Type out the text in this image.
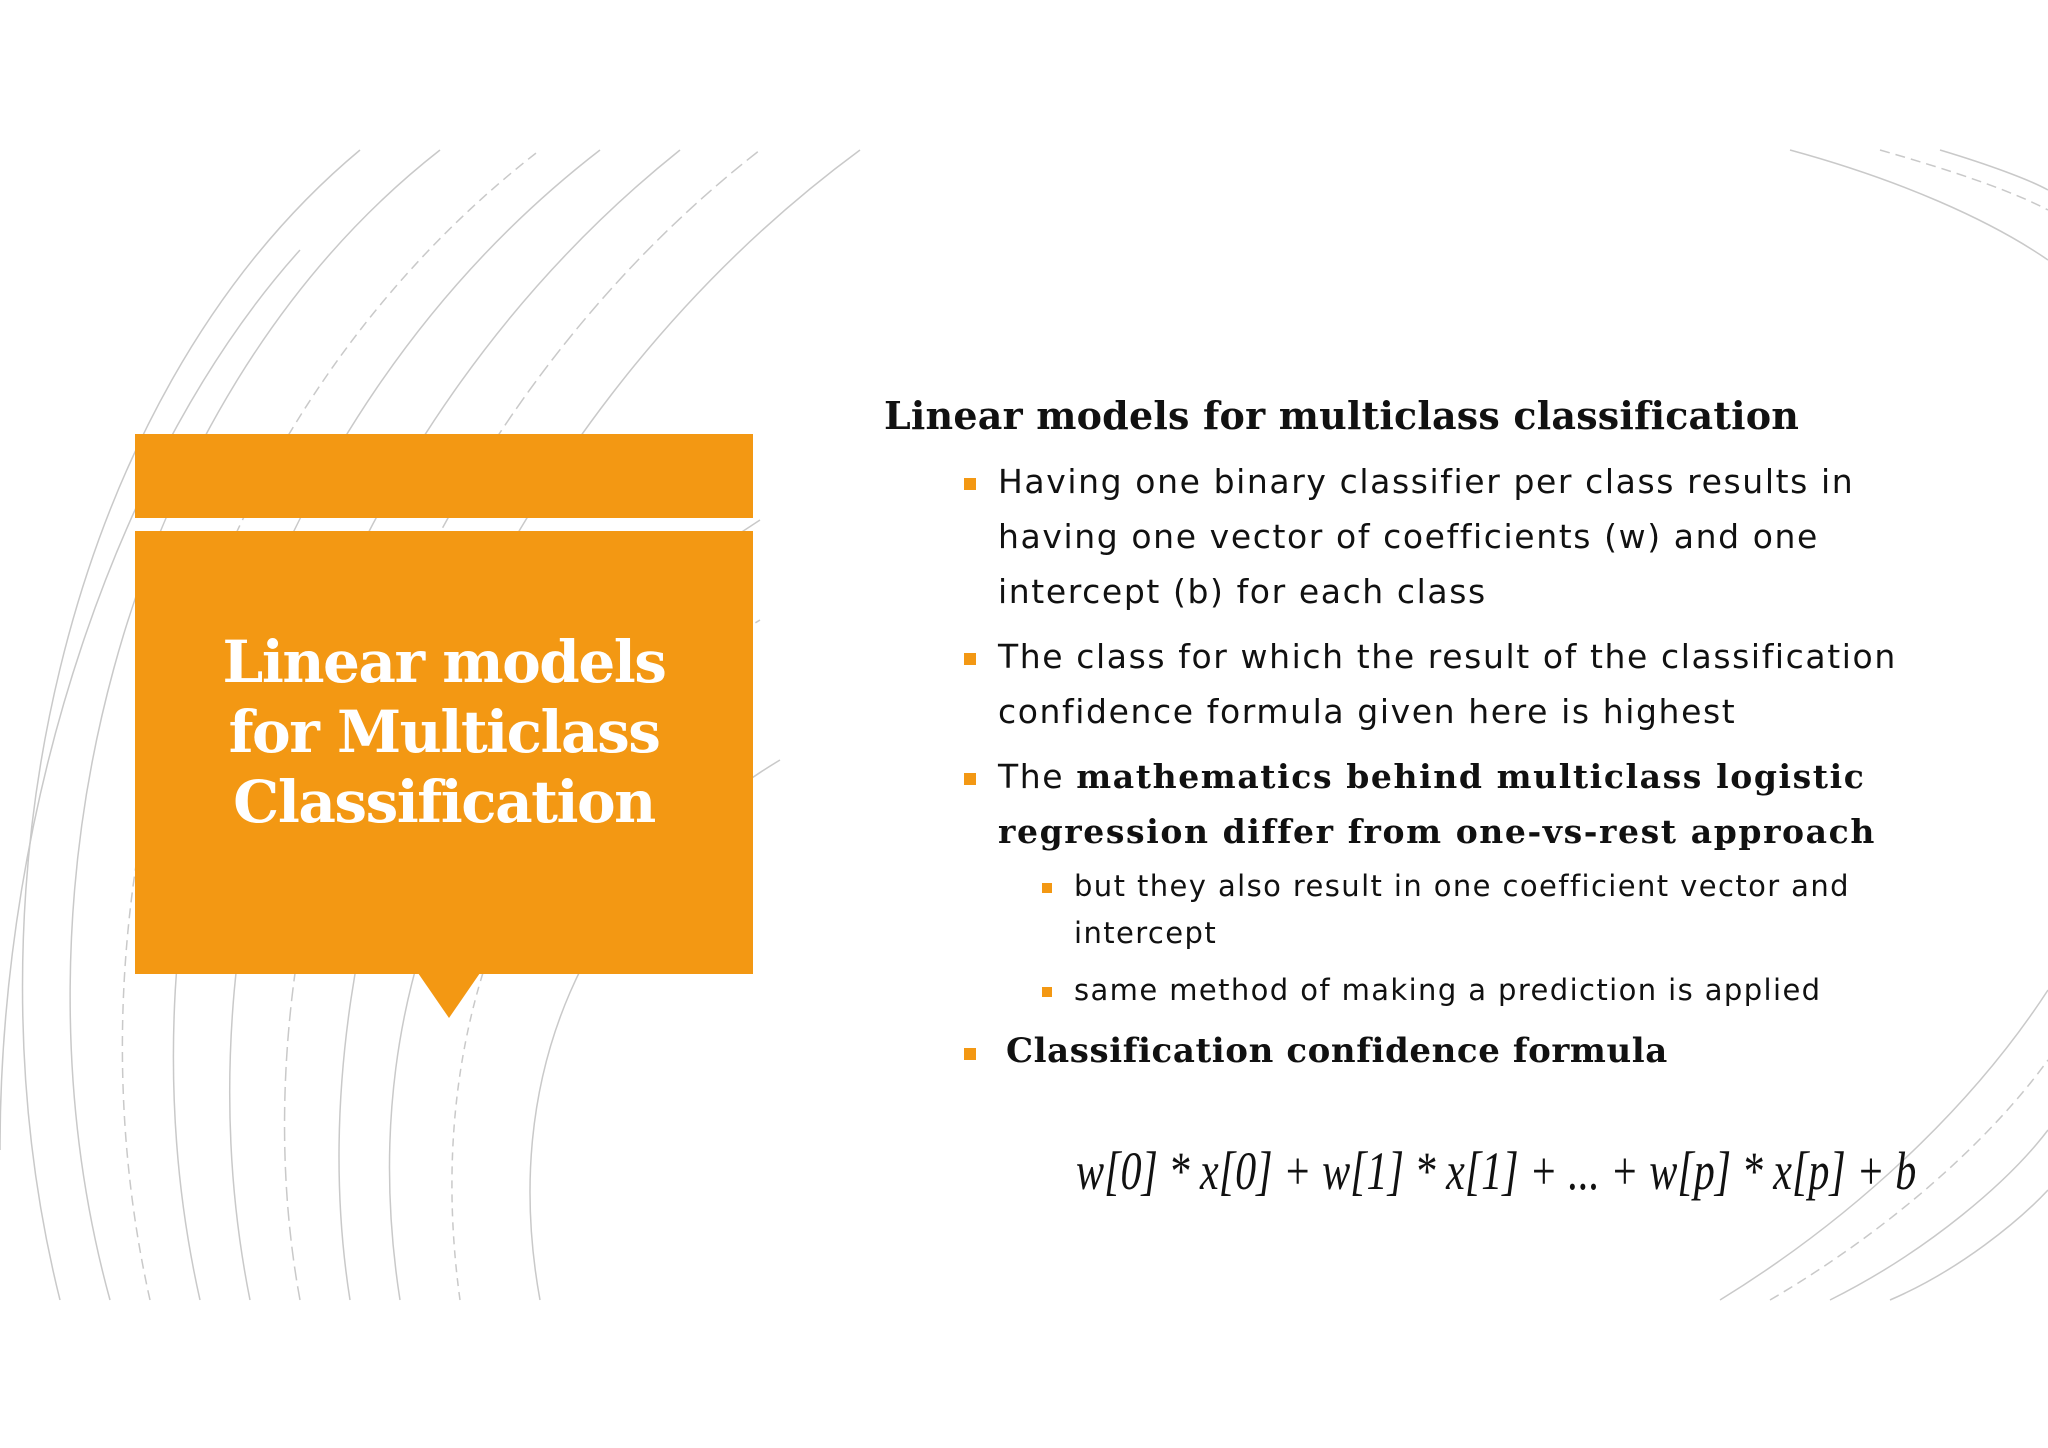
Linear models
for Multiclass
Classification
Linear models for multiclass classification
Having one binary classifier per class results in having one vector of coefficients (w) and one intercept (b) for each class
The class for which the result of the classification confidence formula given here is highest
The mathematics behind multiclass logistic regression differ from one-vs-rest approach
but they also result in one coefficient vector and intercept
same method of making a prediction is applied
Classification confidence formula
w[0] * x[0] + w[1] * x[1] + ... + w[p] * x[p] + b
